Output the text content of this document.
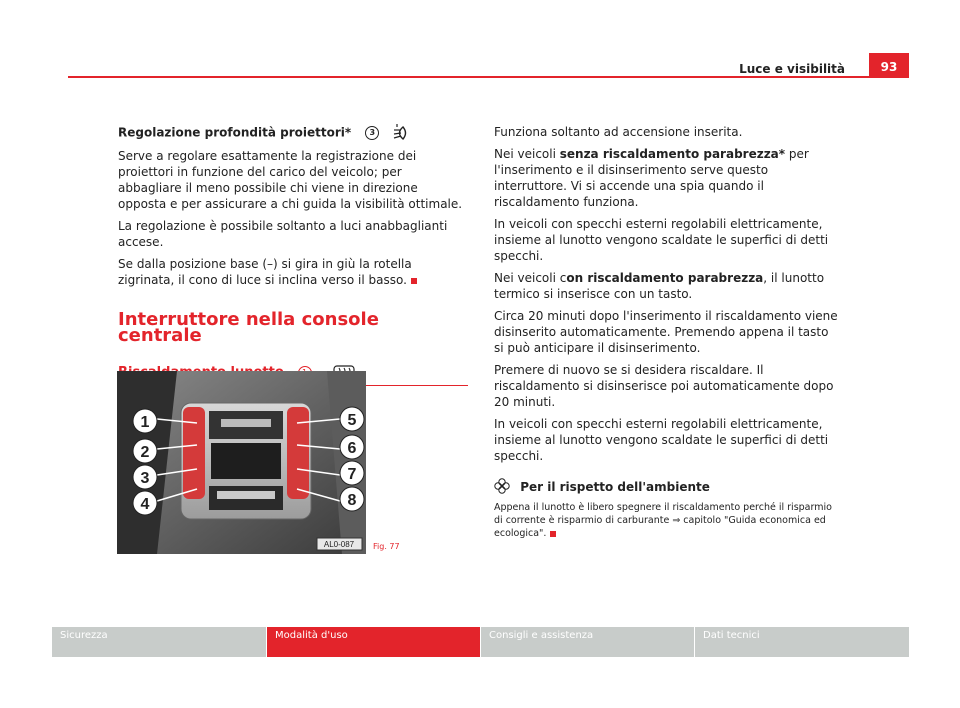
Luce e visibilità	93

Regolazione profondità proiettori* 3

Serve a regolare esattamente la registrazione dei proiettori in funzione del carico del veicolo; per abbagliare il meno possibile chi viene in direzione opposta e per assicurare a chi guida la visibilità ottimale.

La regolazione è possibile soltanto a luci anabbaglianti accese.

Se dalla posizione base (–) si gira in giù la rotella zigrinata, il cono di luce si inclina verso il basso.

Interruttore nella console centrale

1
2
3
4
5
6
7
8
AL0-087 Fig. 77

Funziona soltanto ad accensione inserita.

Nei veicoli senza riscaldamento parabrezza* per l'inserimento e il disinserimento serve questo interruttore. Vi si accende una spia quando il riscaldamento funziona.

In veicoli con specchi esterni regolabili elettricamente, insieme al lunotto vengono scaldate le superfici di detti specchi.

Nei veicoli con riscaldamento parabrezza, il lunotto termico si inserisce con un tasto.

Circa 20 minuti dopo l'inserimento il riscaldamento viene disinserito automaticamente. Premendo appena il tasto si può anticipare il disinserimento.

Premere di nuovo se si desidera riscaldare. Il riscaldamento si disinserisce poi automaticamente dopo 20 minuti.

In veicoli con specchi esterni regolabili elettricamente, insieme al lunotto vengono scaldate le superfici di detti specchi.

Per il rispetto dell'ambiente

Appena il lunotto è libero spegnere il riscaldamento perché il risparmio di corrente è risparmio di carburante ⇒ capitolo "Guida economica ed ecologica".

Sicurezza	Modalità d'uso	Consigli e assistenza	Dati tecnici
